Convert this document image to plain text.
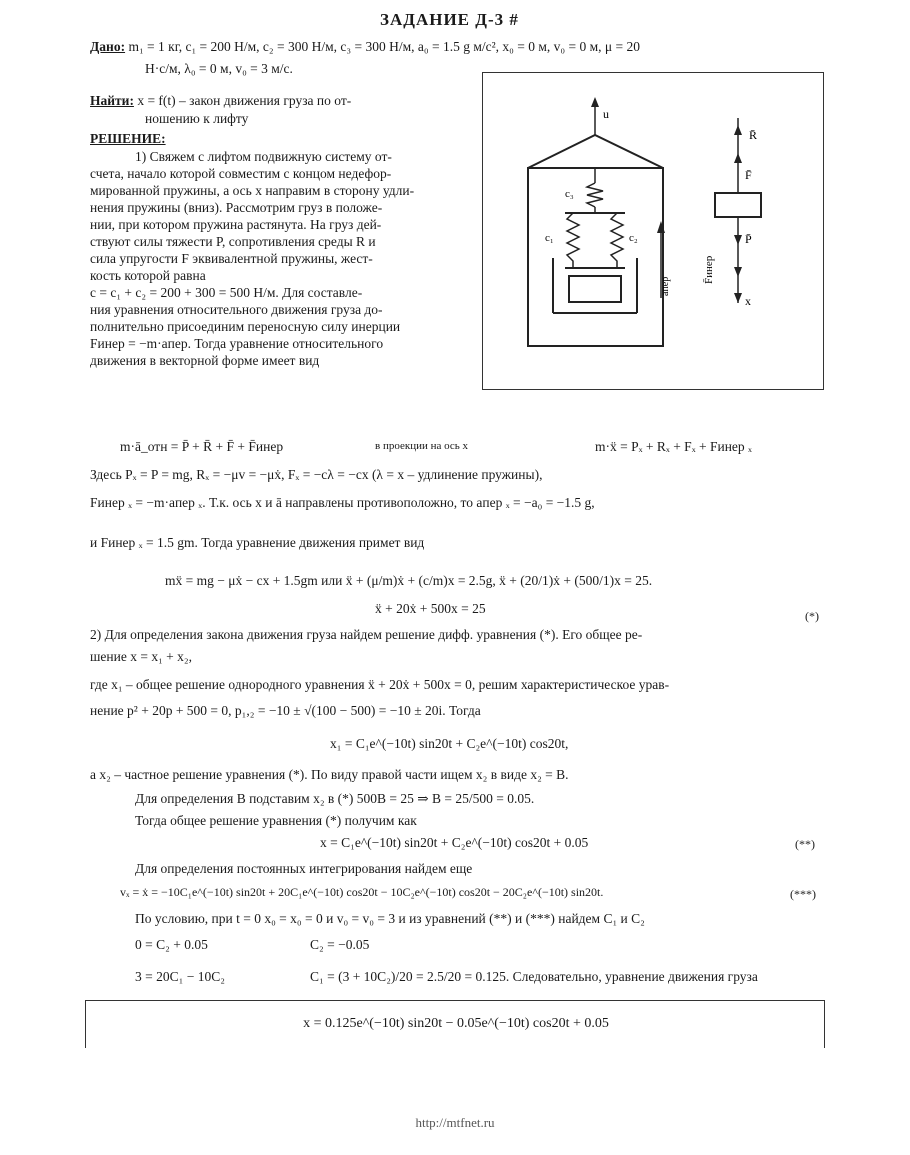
ЗАДАНИЕ Д-3 #
Дано: m₁ = 1 кг, c₁ = 200 Н/м, c₂ = 300 Н/м, c₃ = 300 Н/м, a₀ = 1.5 g м/с², x₀ = 0 м, v₀ = 0 м, μ = 20
Н·с/м, λ₀ = 0 м, v₀ = 3 м/с.
Найти: x = f(t) – закон движения груза по от-
ношению к лифту
РЕШЕНИЕ:
1) Свяжем с лифтом подвижную систему от-
счета, начало которой совместим с концом недефор-
мированной пружины, а ось x направим в сторону удли-
нения пружины (вниз). Рассмотрим груз в положе-
нии, при котором пружина растянута. На груз дей-
ствуют силы тяжести P, сопротивления среды R и
сила упругости F эквивалентной пружины, жест-
кость которой равна
c = c₁ + c₂ = 200 + 300 = 500 Н/м. Для составле-
ния уравнения относительного движения груза до-
полнительно присоединим переносную силу инерции
Fинер = −m·aпер. Тогда уравнение относительного
движения в векторной форме имеет вид
u
c₃
c₁	c₂
aпер
R̄
F̄
P̄
F̄инер
x
m·ā_отн = P̄ + R̄ + F̄ + F̄инер	в проекции на ось x	m·ẍ = Pₓ + Rₓ + Fₓ + Fинер ₓ
Здесь Pₓ = P = mg, Rₓ = −μv = −μẋ, Fₓ = −cλ = −cx (λ = x – удлинение пружины),
Fинер ₓ = −m·aпер ₓ. Т.к. ось x и ā направлены противоположно, то aпер ₓ = −a₀ = −1.5 g,
и Fинер ₓ = 1.5 gm. Тогда уравнение движения примет вид
mẍ = mg − μẋ − cx + 1.5gm или ẍ + (μ/m)ẋ + (c/m)x = 2.5g, ẍ + (20/1)ẋ + (500/1)x = 25.
ẍ + 20ẋ + 500x = 25	(*)
2) Для определения закона движения груза найдем решение дифф. уравнения (*). Его общее ре-
шение x = x₁ + x₂,
где x₁ – общее решение однородного уравнения ẍ + 20ẋ + 500x = 0, решим характеристическое урав-
нение p² + 20p + 500 = 0, p₁,₂ = −10 ± √(100 − 500) = −10 ± 20i. Тогда
x₁ = C₁e^(−10t) sin20t + C₂e^(−10t) cos20t,
а x₂ – частное решение уравнения (*). По виду правой части ищем x₂ в виде x₂ = B.
Для определения B подставим x₂ в (*) 500B = 25 ⇒ B = 25/500 = 0.05.
Тогда общее решение уравнения (*) получим как
x = C₁e^(−10t) sin20t + C₂e^(−10t) cos20t + 0.05	(**)
Для определения постоянных интегрирования найдем еще
vₓ = ẋ = −10C₁e^(−10t) sin20t + 20C₁e^(−10t) cos20t − 10C₂e^(−10t) cos20t − 20C₂e^(−10t) sin20t.	(***)
По условию, при t = 0 x₀ = x₀ = 0 и v₀ = v₀ = 3 и из уравнений (**) и (***) найдем C₁ и C₂
0 = C₂ + 0.05	C₂ = −0.05
3 = 20C₁ − 10C₂	C₁ = (3 + 10C₂)/20 = 2.5/20 = 0.125. Следовательно, уравнение движения груза
x = 0.125e^(−10t) sin20t − 0.05e^(−10t) cos20t + 0.05
http://mtfnet.ru
